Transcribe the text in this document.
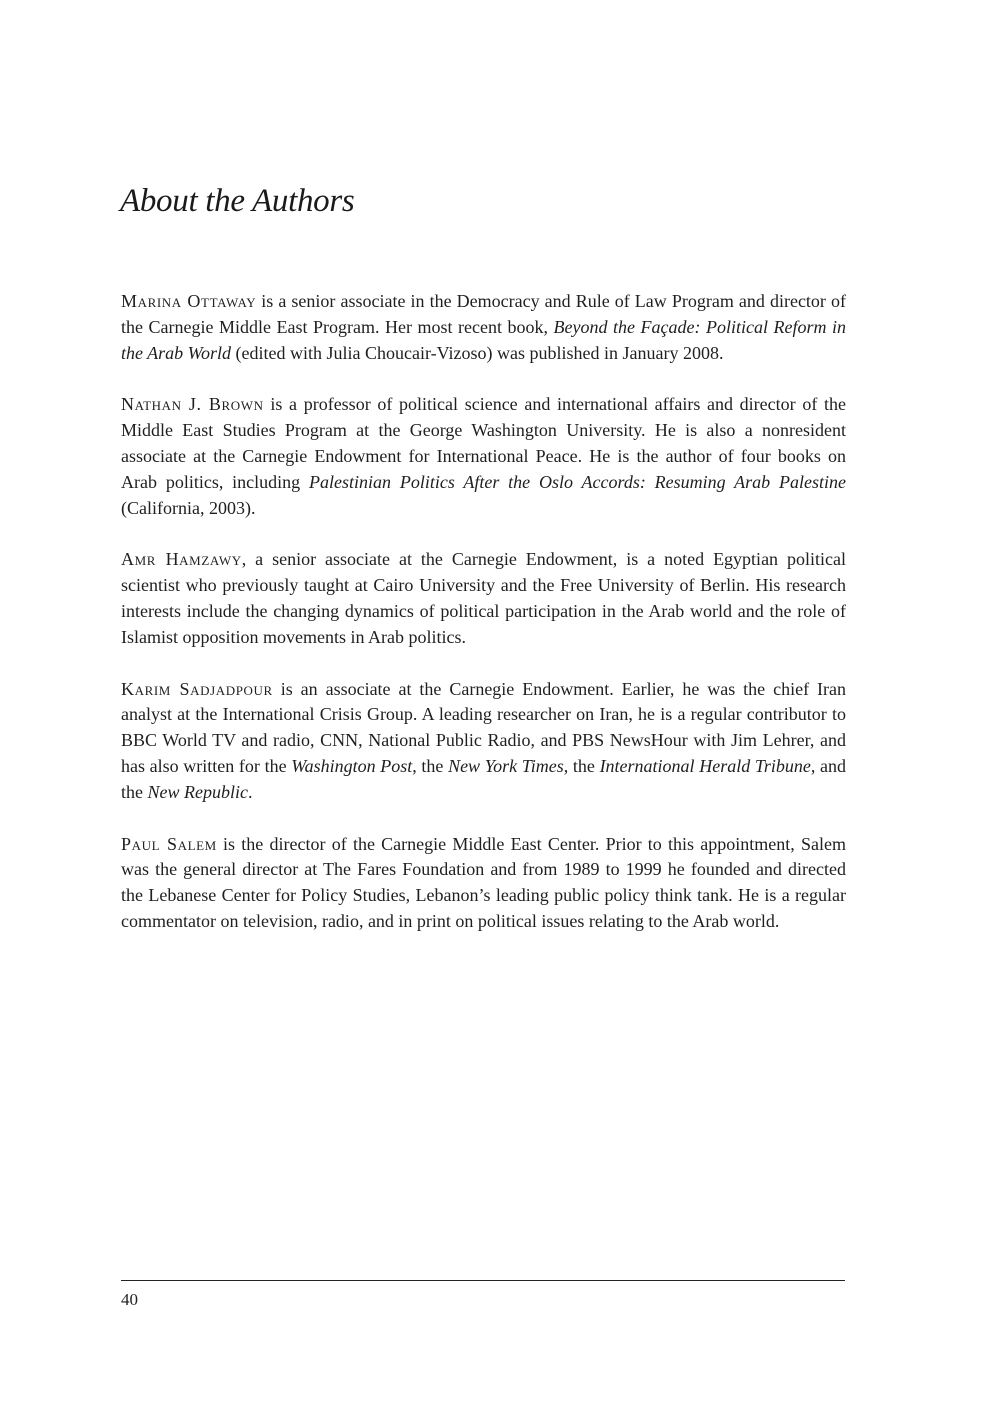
About the Authors

Marina Ottaway is a senior associate in the Democracy and Rule of Law Program and director of the Carnegie Middle East Program. Her most recent book, Beyond the Façade: Political Reform in the Arab World (edited with Julia Choucair-Vizoso) was published in January 2008.

Nathan J. Brown is a professor of political science and international affairs and director of the Middle East Studies Program at the George Washington University. He is also a nonresident associate at the Carnegie Endowment for International Peace. He is the author of four books on Arab politics, including Palestinian Politics After the Oslo Accords: Resuming Arab Palestine (California, 2003).

Amr Hamzawy, a senior associate at the Carnegie Endowment, is a noted Egyptian political scientist who previously taught at Cairo University and the Free University of Berlin. His research interests include the changing dynamics of political participation in the Arab world and the role of Islamist opposition movements in Arab politics.

Karim Sadjadpour is an associate at the Carnegie Endowment. Earlier, he was the chief Iran analyst at the International Crisis Group. A leading researcher on Iran, he is a regular contributor to BBC World TV and radio, CNN, National Public Radio, and PBS NewsHour with Jim Lehrer, and has also written for the Washington Post, the New York Times, the International Herald Tribune, and the New Republic.

Paul Salem is the director of the Carnegie Middle East Center. Prior to this appointment, Salem was the general director at The Fares Foundation and from 1989 to 1999 he founded and directed the Lebanese Center for Policy Studies, Lebanon’s leading public policy think tank. He is a regular commentator on television, radio, and in print on political issues relating to the Arab world.

40
